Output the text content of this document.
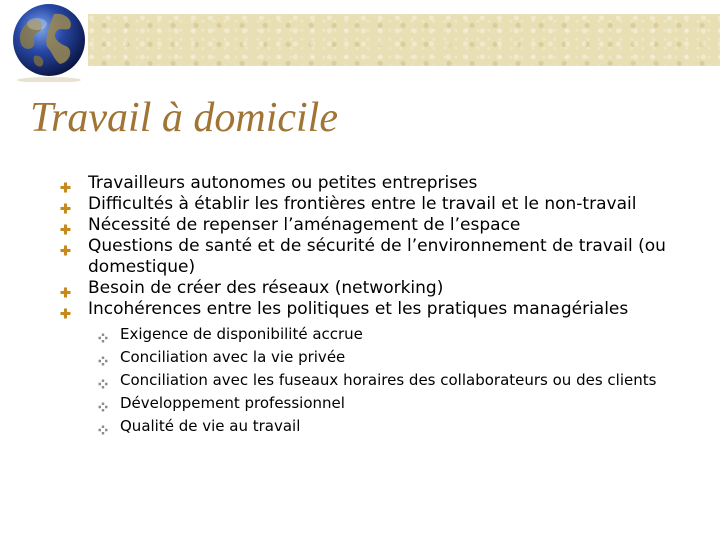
Travail à domicile
Travailleurs autonomes ou petites entreprises
Difficultés à établir les frontières entre le travail et le non-travail
Nécessité de repenser l’aménagement de l’espace
Questions de santé et de sécurité de l’environnement de travail (ou domestique)
Besoin de créer des réseaux (networking)
Incohérences entre les politiques et les pratiques managériales
Exigence de disponibilité accrue
Conciliation avec la vie privée
Conciliation avec les fuseaux horaires des collaborateurs ou des clients
Développement professionnel
Qualité de vie au travail
